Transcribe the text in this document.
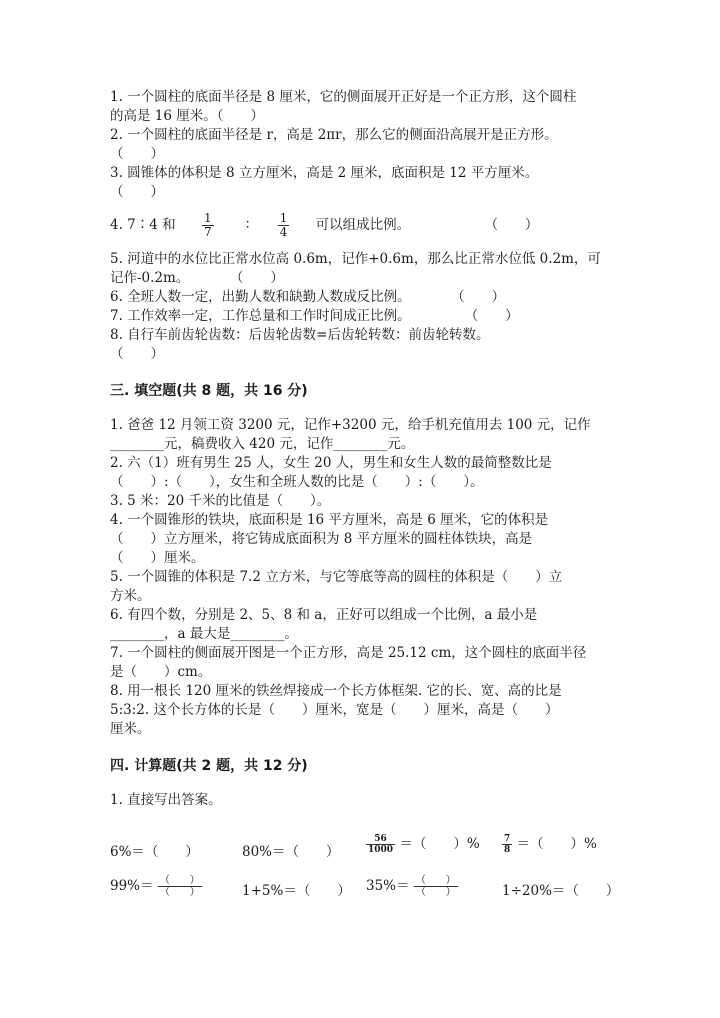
1. 一个圆柱的底面半径是 8 厘米，它的侧面展开正好是一个正方形，这个圆柱
的高是 16 厘米。（　　）
2. 一个圆柱的底面半径是 r，高是 2πr，那么它的侧面沿高展开是正方形。
（　　）
3. 圆锥体的体积是 8 立方厘米，高是 2 厘米，底面积是 12 平方厘米。
（　　）
4. 7∶4 和 $\frac{1}{7}$ ∶ $\frac{1}{4}$ 可以组成比例。	（　　）
5. 河道中的水位比正常水位高 0.6m，记作+0.6m，那么比正常水位低 0.2m，可
记作-0.2m。　　　　（　　）
6. 全班人数一定，出勤人数和缺勤人数成反比例。　　　　（　　）
7. 工作效率一定，工作总量和工作时间成正比例。　　　　　（　　）
8. 自行车前齿轮齿数：后齿轮齿数=后齿轮转数：前齿轮转数。
（　　）
三. 填空题(共 8 题，共 16 分)
1. 爸爸 12 月领工资 3200 元，记作+3200 元，给手机充值用去 100 元，记作
________元，稿费收入 420 元，记作________元。
2. 六（1）班有男生 25 人，女生 20 人，男生和女生人数的最简整数比是
（　　）:（　　），女生和全班人数的比是（　　）:（　　）。
3. 5 米：20 千米的比值是（　　）。
4. 一个圆锥形的铁块，底面积是 16 平方厘米，高是 6 厘米，它的体积是
（　　）立方厘米，将它铸成底面积为 8 平方厘米的圆柱体铁块，高是
（　　）厘米。
5. 一个圆锥的体积是 7.2 立方米，与它等底等高的圆柱的体积是（　　）立
方米。
6. 有四个数，分别是 2、5、8 和 a，正好可以组成一个比例，a 最小是
________，a 最大是________。
7. 一个圆柱的侧面展开图是一个正方形，高是 25.12 cm，这个圆柱的底面半径
是（　　）cm。
8. 用一根长 120 厘米的铁丝焊接成一个长方体框架. 它的长、宽、高的比是
5:3:2. 这个长方体的长是（　　）厘米，宽是（　　）厘米，高是（　　）
厘米。
四. 计算题(共 2 题，共 12 分)
1. 直接写出答案。
6%＝（　　）	80%＝（　　）	$\frac{56}{1000}$ ＝（　　）% $\frac{7}{8}$ ＝（　　）%
$99\%= \frac{( )}{( )}$	1+5%＝（　　） $35\%= \frac{( )}{( )}$	1÷20%＝（　　）
